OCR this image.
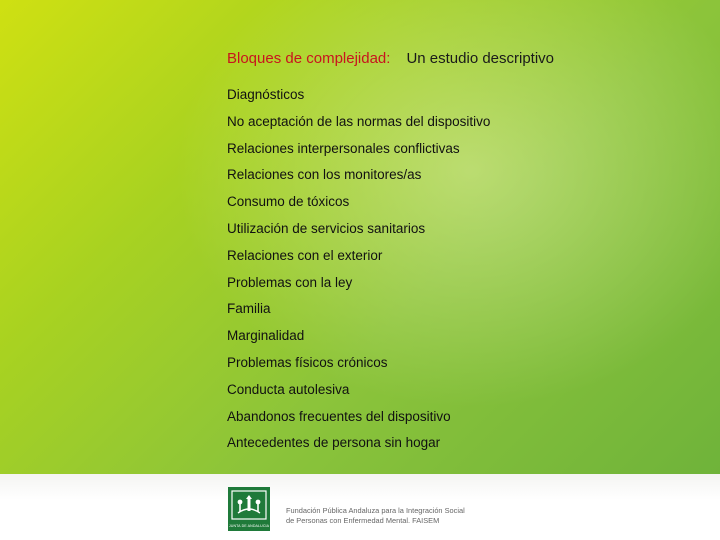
Bloques de complejidad: Un estudio descriptivo
Diagnósticos
No aceptación de las normas del dispositivo
Relaciones interpersonales conflictivas
Relaciones con los monitores/as
Consumo de tóxicos
Utilización de servicios sanitarios
Relaciones con el exterior
Problemas con la ley
Familia
Marginalidad
Problemas físicos crónicos
Conducta autolesiva
Abandonos frecuentes del dispositivo
Antecedentes de persona sin hogar
JUNTA DE ANDALUCIA
Fundación Pública Andaluza para la Integración Social
de Personas con Enfermedad Mental. FAISEM
